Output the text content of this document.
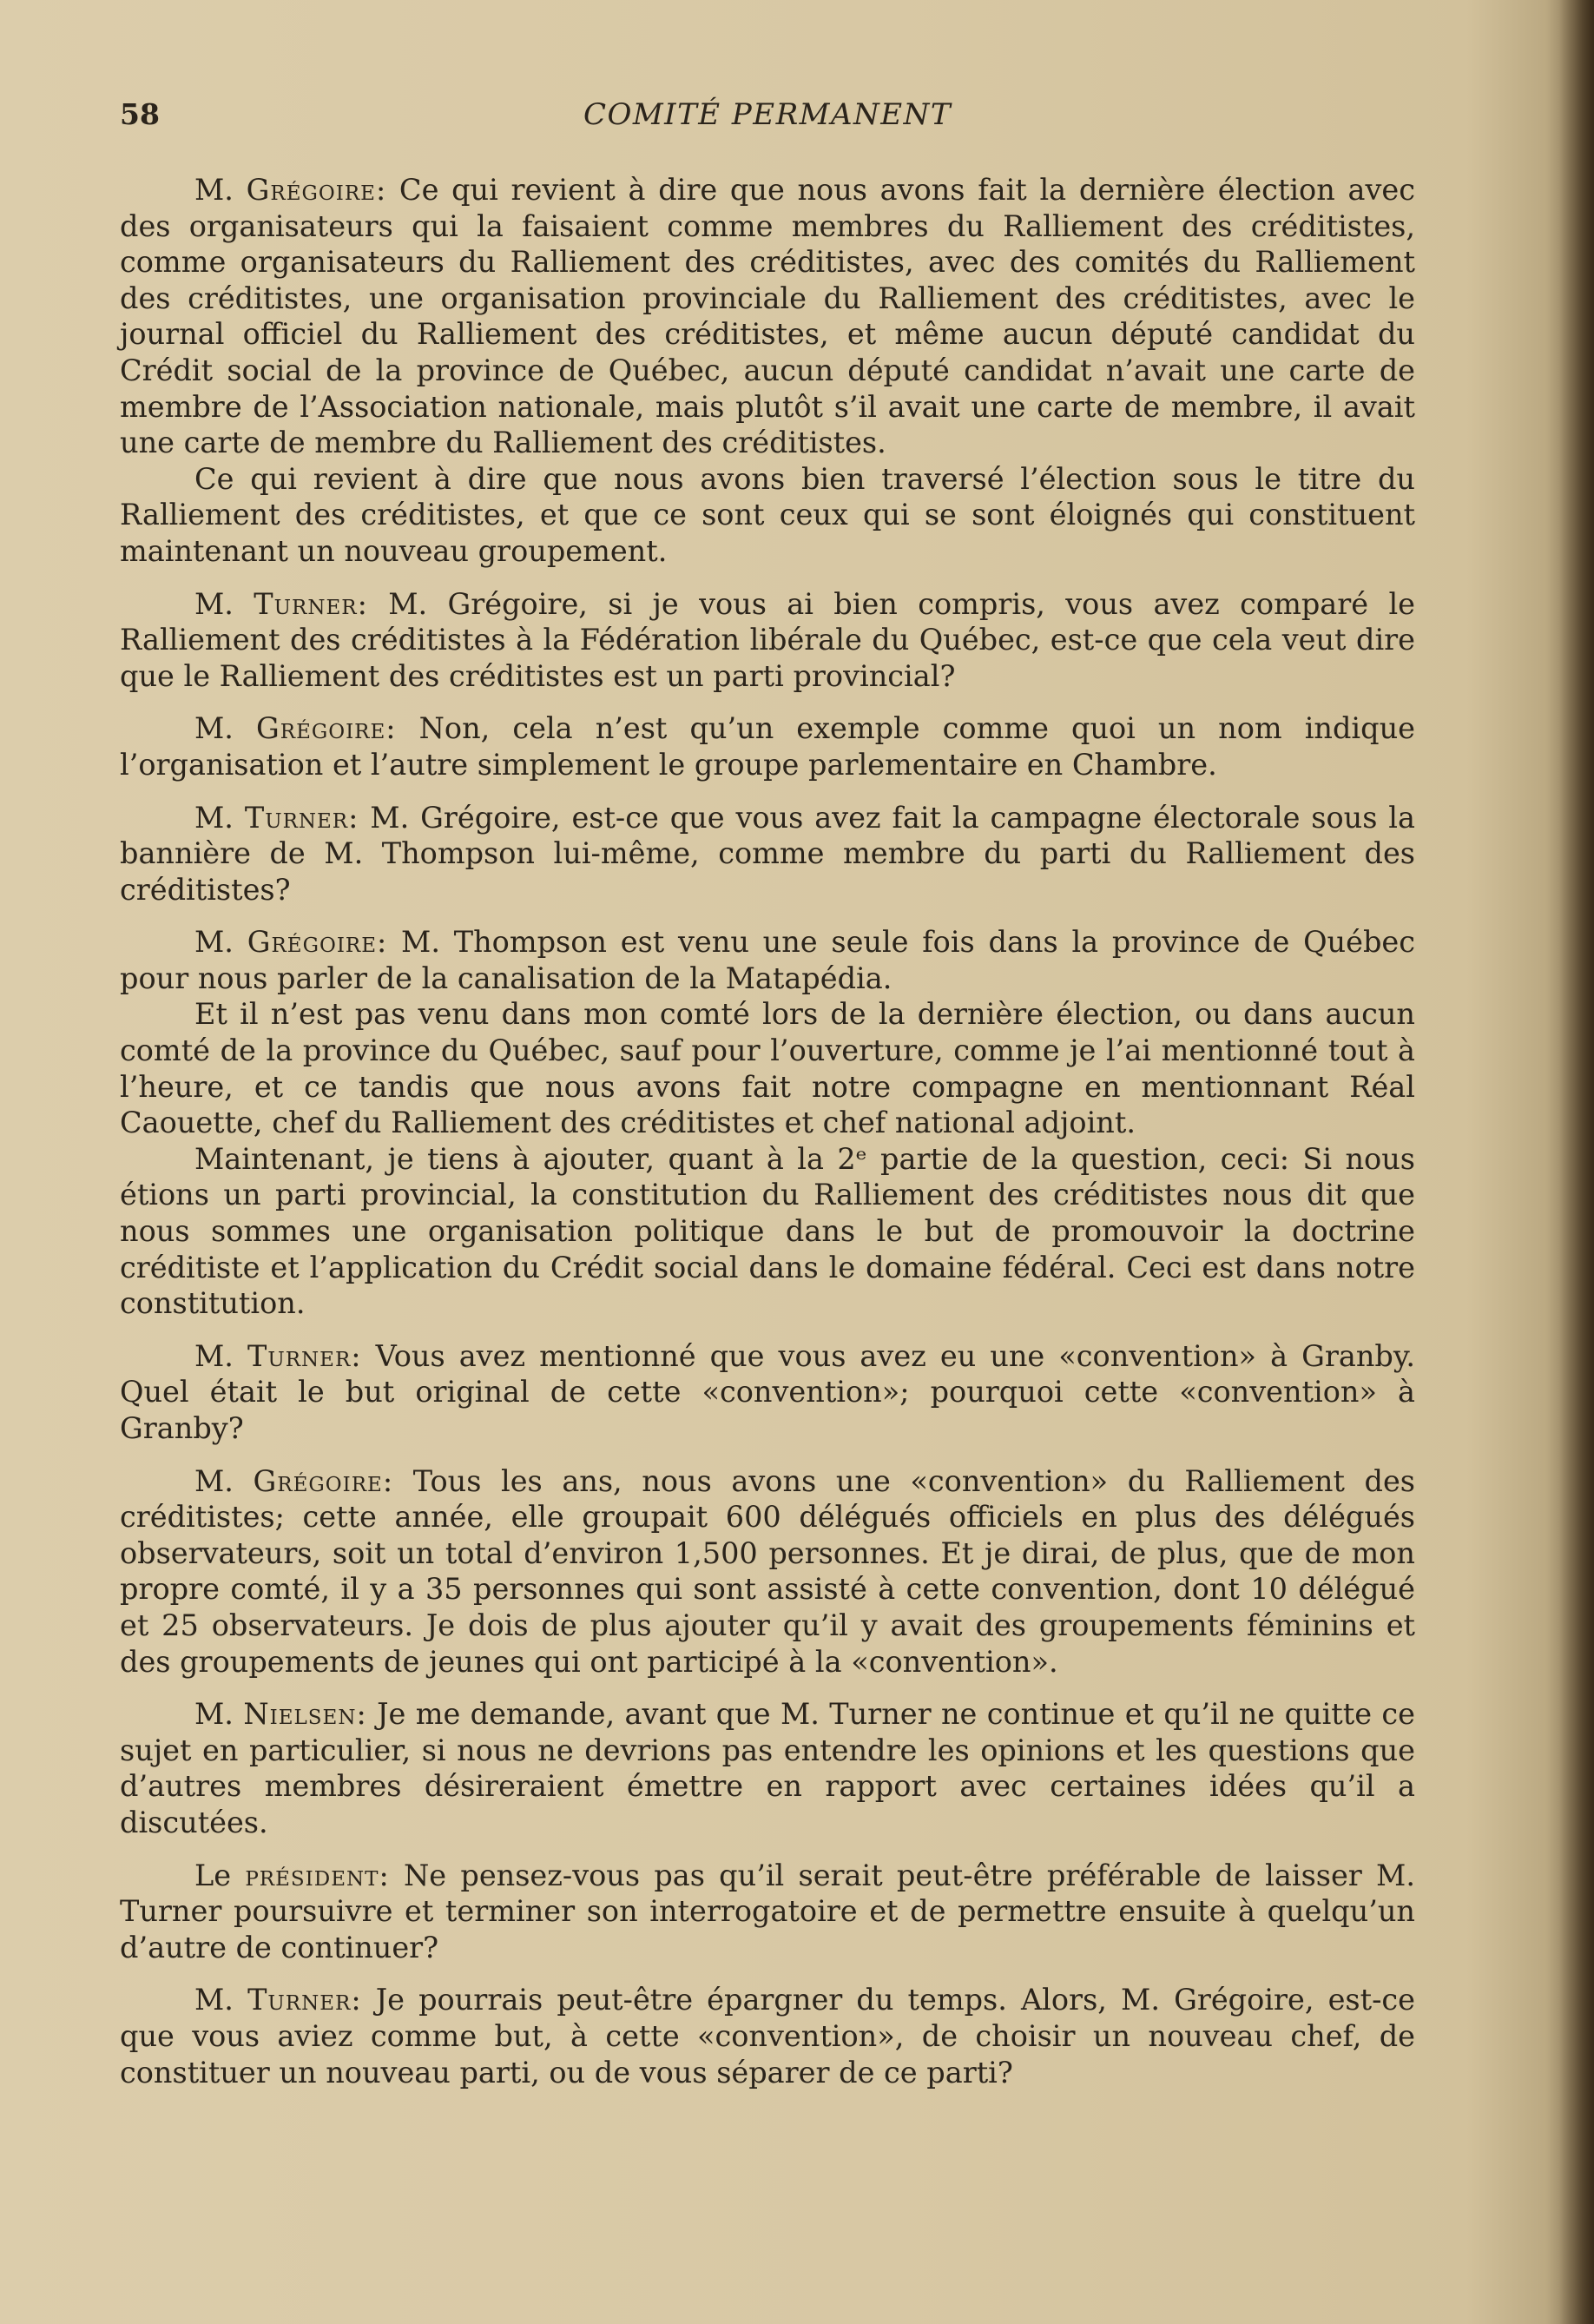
58	COMITÉ PERMANENT

M. Grégoire: Ce qui revient à dire que nous avons fait la dernière élection avec des organisateurs qui la faisaient comme membres du Ralliement des créditistes, comme organisateurs du Ralliement des créditistes, avec des comités du Ralliement des créditistes, une organisation provinciale du Ralliement des créditistes, avec le journal officiel du Ralliement des créditistes, et même aucun député candidat du Crédit social de la province de Québec, aucun député candidat n’avait une carte de membre de l’Association nationale, mais plutôt s’il avait une carte de membre, il avait une carte de membre du Ralliement des créditistes.

Ce qui revient à dire que nous avons bien traversé l’élection sous le titre du Ralliement des créditistes, et que ce sont ceux qui se sont éloignés qui constituent maintenant un nouveau groupement.

M. Turner: M. Grégoire, si je vous ai bien compris, vous avez comparé le Ralliement des créditistes à la Fédération libérale du Québec, est-ce que cela veut dire que le Ralliement des créditistes est un parti provincial?

M. Grégoire: Non, cela n’est qu’un exemple comme quoi un nom indique l’organisation et l’autre simplement le groupe parlementaire en Chambre.

M. Turner: M. Grégoire, est-ce que vous avez fait la campagne électorale sous la bannière de M. Thompson lui-même, comme membre du parti du Ralliement des créditistes?

M. Grégoire: M. Thompson est venu une seule fois dans la province de Québec pour nous parler de la canalisation de la Matapédia.

Et il n’est pas venu dans mon comté lors de la dernière élection, ou dans aucun comté de la province du Québec, sauf pour l’ouverture, comme je l’ai mentionné tout à l’heure, et ce tandis que nous avons fait notre compagne en mentionnant Réal Caouette, chef du Ralliement des créditistes et chef national adjoint.

Maintenant, je tiens à ajouter, quant à la 2ᵉ partie de la question, ceci: Si nous étions un parti provincial, la constitution du Ralliement des créditistes nous dit que nous sommes une organisation politique dans le but de promouvoir la doctrine créditiste et l’application du Crédit social dans le domaine fédéral. Ceci est dans notre constitution.

M. Turner: Vous avez mentionné que vous avez eu une «convention» à Granby. Quel était le but original de cette «convention»; pourquoi cette «convention» à Granby?

M. Grégoire: Tous les ans, nous avons une «convention» du Ralliement des créditistes; cette année, elle groupait 600 délégués officiels en plus des délégués observateurs, soit un total d’environ 1,500 personnes. Et je dirai, de plus, que de mon propre comté, il y a 35 personnes qui sont assisté à cette convention, dont 10 délégué et 25 observateurs. Je dois de plus ajouter qu’il y avait des groupements féminins et des groupements de jeunes qui ont participé à la «convention».

M. Nielsen: Je me demande, avant que M. Turner ne continue et qu’il ne quitte ce sujet en particulier, si nous ne devrions pas entendre les opinions et les questions que d’autres membres désireraient émettre en rapport avec certaines idées qu’il a discutées.

Le président: Ne pensez-vous pas qu’il serait peut-être préférable de laisser M. Turner poursuivre et terminer son interrogatoire et de permettre ensuite à quelqu’un d’autre de continuer?

M. Turner: Je pourrais peut-être épargner du temps. Alors, M. Grégoire, est-ce que vous aviez comme but, à cette «convention», de choisir un nouveau chef, de constituer un nouveau parti, ou de vous séparer de ce parti?
